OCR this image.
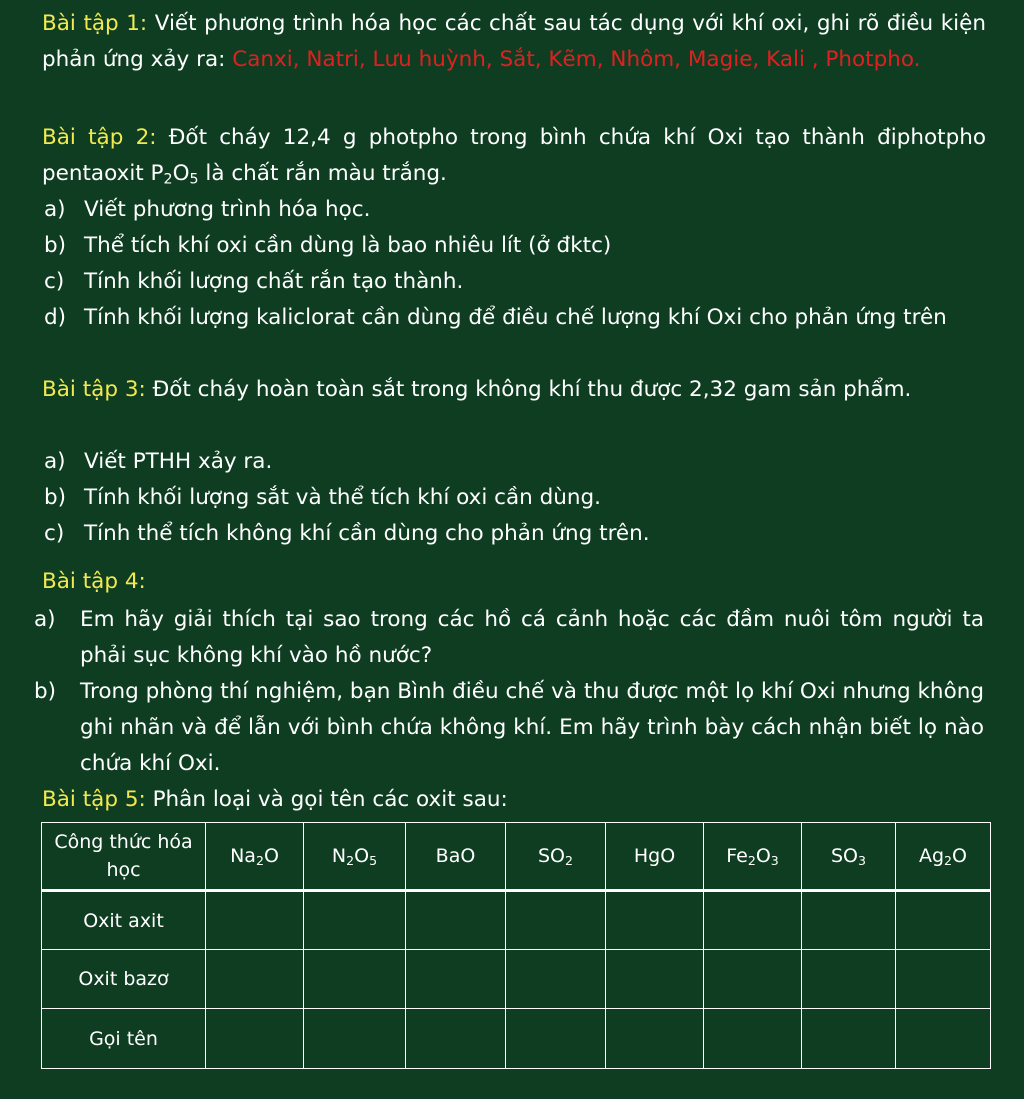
Bài tập 1: Viết phương trình hóa học các chất sau tác dụng với khí oxi, ghi rõ điều kiện phản ứng xảy ra: Canxi, Natri, Lưu huỳnh, Sắt, Kẽm, Nhôm, Magie, Kali , Photpho.
Bài tập 2: Đốt cháy 12,4 g photpho trong bình chứa khí Oxi tạo thành điphotpho pentaoxit $P_2O_5$ là chất rắn màu trắng.
a) Viết phương trình hóa học.
b) Thể tích khí oxi cần dùng là bao nhiêu lít (ở đktc)
c) Tính khối lượng chất rắn tạo thành.
d) Tính khối lượng kaliclorat cần dùng để điều chế lượng khí Oxi cho phản ứng trên
Bài tập 3: Đốt cháy hoàn toàn sắt trong không khí thu được 2,32 gam sản phẩm.
a) Viết PTHH xảy ra.
b) Tính khối lượng sắt và thể tích khí oxi cần dùng.
c) Tính thể tích không khí cần dùng cho phản ứng trên.
Bài tập 4:
a) Em hãy giải thích tại sao trong các hồ cá cảnh hoặc các đầm nuôi tôm người ta phải sục không khí vào hồ nước?
b) Trong phòng thí nghiệm, bạn Bình điều chế và thu được một lọ khí Oxi nhưng không ghi nhãn và để lẫn với bình chứa không khí. Em hãy trình bày cách nhận biết lọ nào chứa khí Oxi.
Bài tập 5: Phân loại và gọi tên các oxit sau:
Công thức hóa học	$Na_2O$	$N_2O_5$	BaO	$SO_2$	HgO	$Fe_2O_3$	$SO_3$	$Ag_2O$
Oxit axit								
Oxit bazơ								
Gọi tên								
